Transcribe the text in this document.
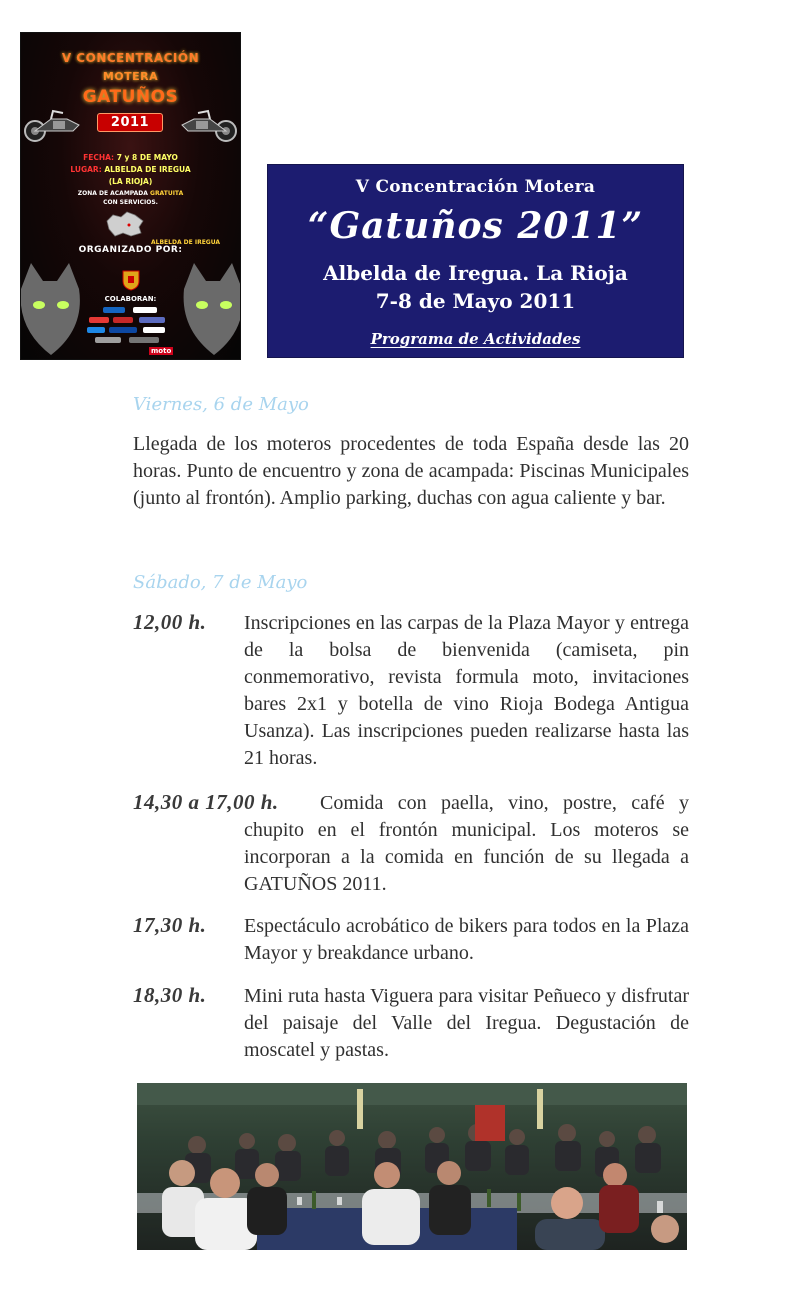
V CONCENTRACIÓN
MOTERA
GATUÑOS
2011
FECHA: 7 y 8 DE MAYO
LUGAR: ALBELDA DE IREGUA
(LA RIOJA)
ZONA DE ACAMPADA GRATUITA
CON SERVICIOS.
ALBELDA DE IREGUA
ORGANIZADO POR:
COLABORAN:
moto
V Concentración Motera
“Gatuños 2011”
Albelda de Iregua. La Rioja
7-8 de Mayo 2011
Programa de Actividades
Viernes, 6 de Mayo
Llegada de los moteros procedentes de toda España desde las 20 horas. Punto de encuentro y zona de acampada: Piscinas Municipales (junto al frontón). Amplio parking, duchas con agua caliente y bar.
Sábado, 7 de Mayo
12,00 h. Inscripciones en las carpas de la Plaza Mayor y entrega de la bolsa de bienvenida (camiseta, pin conmemorativo, revista formula moto, invitaciones bares 2x1 y botella de vino Rioja Bodega Antigua Usanza). Las inscripciones pueden realizarse hasta las 21 horas.
14,30 a 17,00 h.	Comida con paella, vino, postre, café y chupito en el frontón municipal. Los moteros se incorporan a la comida en función de su llegada a GATUÑOS 2011.
17,30 h. Espectáculo acrobático de bikers para todos en la Plaza Mayor y breakdance urbano.
18,30 h. Mini ruta hasta Viguera para visitar Peñueco y disfrutar del paisaje del Valle del Iregua. Degustación de moscatel y pastas.
